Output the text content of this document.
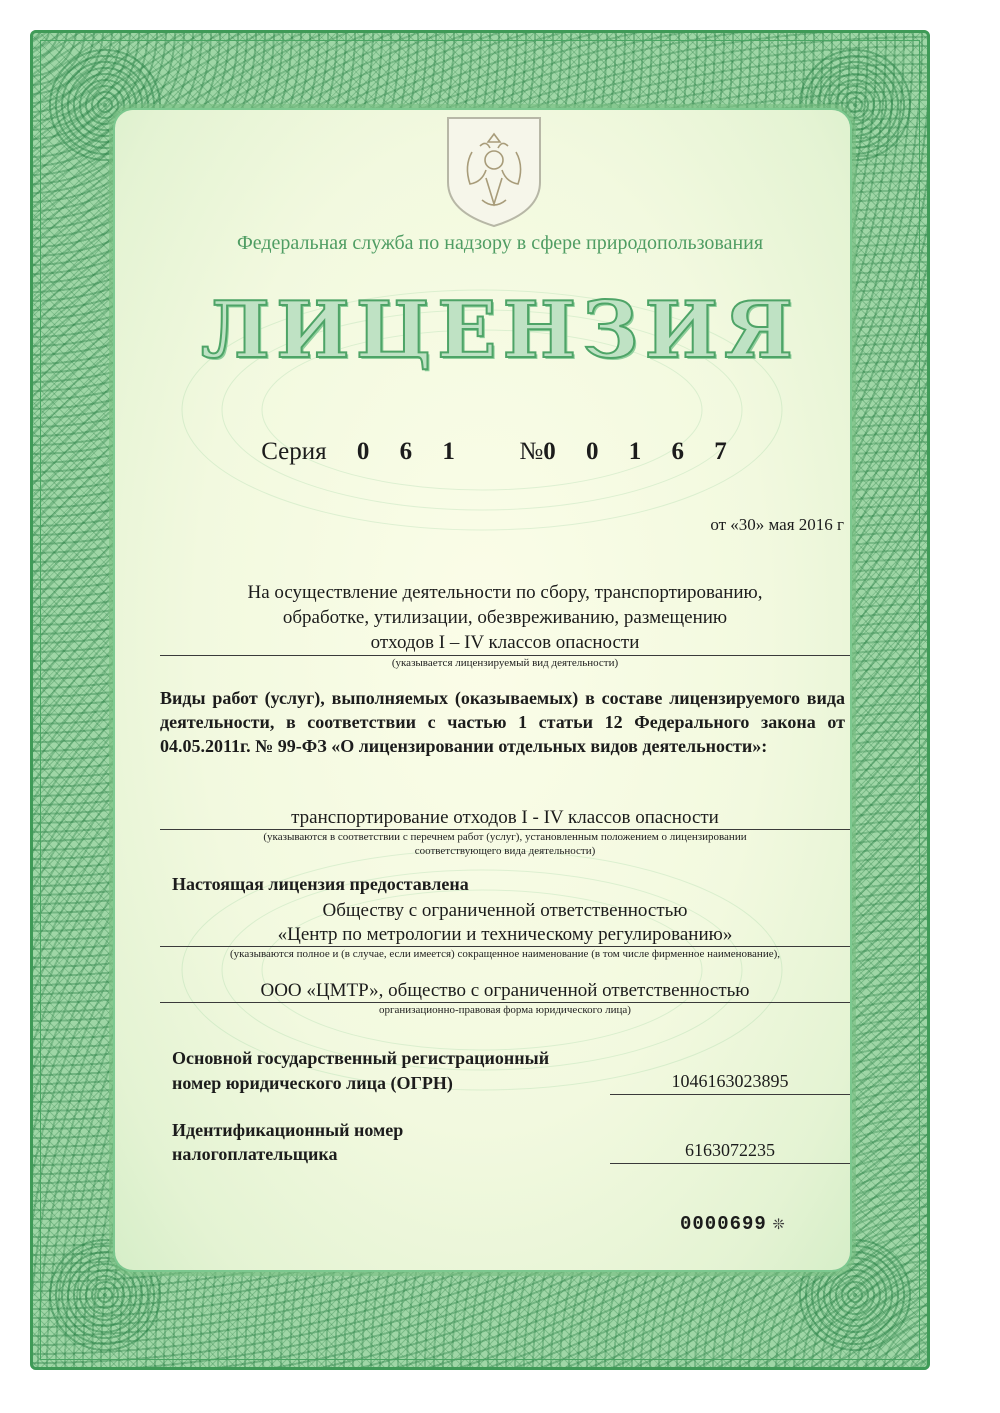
Федеральная служба по надзору в сфере природопользования
ЛИЦЕНЗИЯ
Серия 0 6 1 №0 0 1 6 7
от «30» мая 2016 г
На осуществление деятельности по сбору, транспортированию,
обработке, утилизации, обезвреживанию, размещению
отходов I – IV классов опасности
(указывается лицензируемый вид деятельности)
Виды работ (услуг), выполняемых (оказываемых) в составе лицензируемого вида деятельности, в соответствии с частью 1 статьи 12 Федерального закона от 04.05.2011г. № 99-ФЗ «О лицензировании отдельных видов деятельности»:
транспортирование отходов I - IV классов опасности
(указываются в соответствии с перечнем работ (услуг), установленным положением о лицензировании
соответствующего вида деятельности)
Настоящая лицензия предоставлена
Обществу с ограниченной ответственностью
«Центр по метрологии и техническому регулированию»
(указываются полное и (в случае, если имеется) сокращенное наименование (в том числе фирменное наименование),
ООО «ЦМТР», общество с ограниченной ответственностью
организационно-правовая форма юридического лица)
Основной государственный регистрационный
номер юридического лица (ОГРН)	1046163023895
Идентификационный номер
налогоплательщика	6163072235
0000699 ❊
